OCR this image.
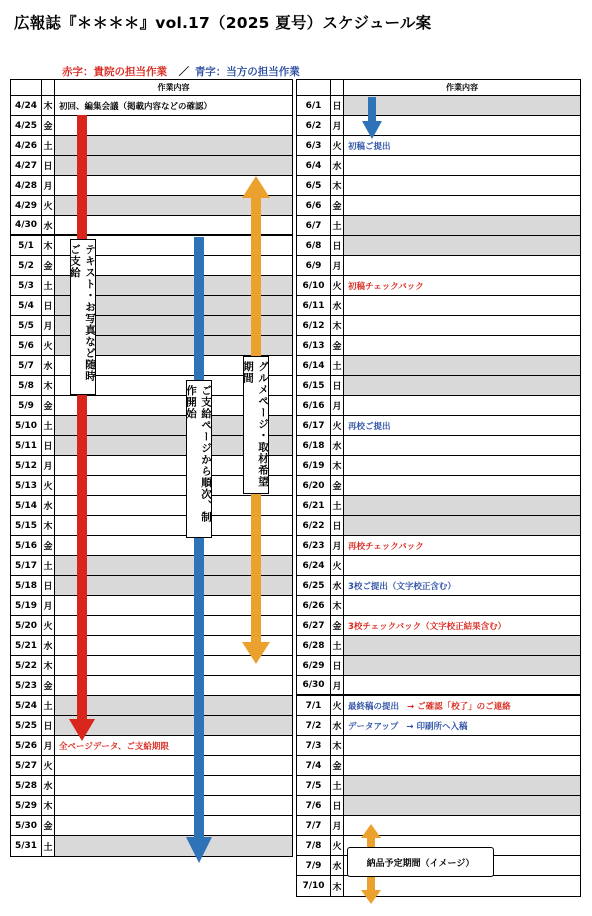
広報誌『＊＊＊＊』vol.17（2025 夏号）スケジュール案
赤字：貴院の担当作業 ／ 青字：当方の担当作業
作業内容
4/24 木 初回、編集会議（掲載内容などの確認）
4/25 金
4/26 土
4/27 日
4/28 月
4/29 火
4/30 水
5/1	木
5/2	金
5/3	土
5/4	日
5/5	月
5/6	火
5/7	水
5/8	木
5/9	金
5/10 土
5/11 日
5/12 月
5/13 火
5/14 水
5/15 木
5/16 金
5/17 土
5/18 日
5/19 月
5/20 火
5/21 水
5/22 木
5/23 金
5/24 土
5/25 日
5/26 月 全ページデータ、ご支給期限
5/27 火
5/28 水
5/29 木
5/30 金
5/31 土
作業内容
6/1	日
6/2	月
6/3	火 初稿ご提出
6/4	水
6/5	木
6/6	金
6/7	土
6/8	日
6/9	月
6/10 火 初稿チェックバック
6/11 水
6/12 木
6/13 金
6/14 土
6/15 日
6/16 月
6/17 火 再校ご提出
6/18 水
6/19 木
6/20 金
6/21 土
6/22 日
6/23 月 再校チェックバック
6/24 火
6/25 水 3校ご提出（文字校正含む）
6/26 木
6/27 金 3校チェックバック（文字校正結果含む）
6/28 土
6/29 日
6/30 月
7/1	火 最終稿の提出 → ご確認「校了」のご連絡
7/2	水 データアップ → 印刷所へ入稿
7/3	木
7/4	金
7/5	土
7/6	日
7/7	月
7/8	火
7/9	水
7/10 木
テキスト・お写真など随時ご支給
ご支給ページから順次、制作開始	グルメページ・取材希望期間
納品予定期間（イメージ）
